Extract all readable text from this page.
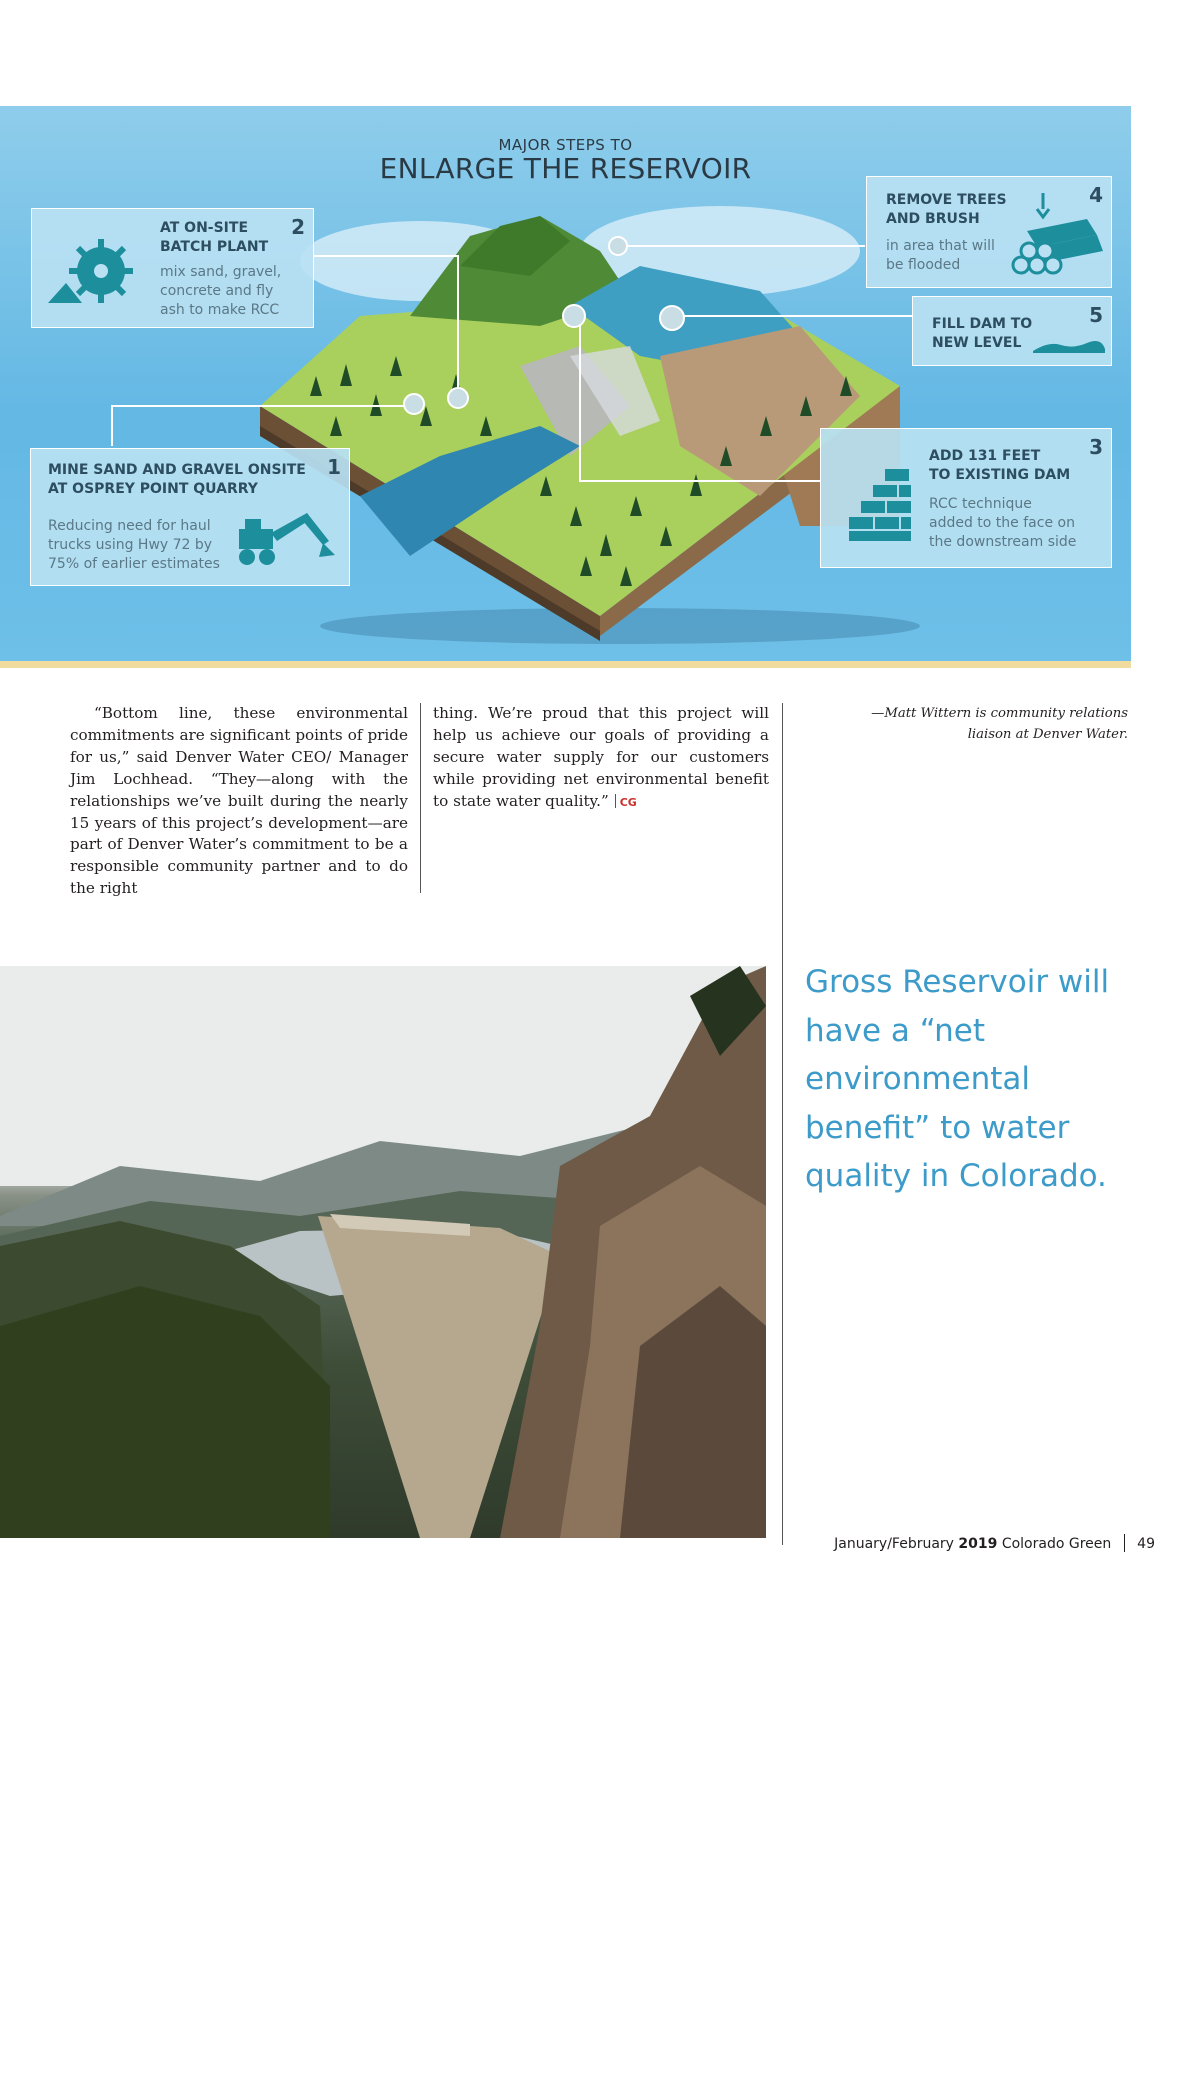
MAJOR STEPS TO
ENLARGE THE RESERVOIR
1
MINE SAND AND GRAVEL ONSITE
AT OSPREY POINT QUARRY
Reducing need for haul
trucks using Hwy 72 by
75% of earlier estimates
2
AT ON-SITE
BATCH PLANT
mix sand, gravel,
concrete and fly
ash to make RCC
3
ADD 131 FEET
TO EXISTING DAM
RCC technique
added to the face on
the downstream side
4
REMOVE TREES
AND BRUSH
in area that will
be flooded
5
FILL DAM TO
NEW LEVEL

“Bottom line, these environmental commitments are significant points of pride for us,” said Denver Water CEO/ Manager Jim Lochhead. “They—along with the relationships we’ve built during the nearly 15 years of this project’s development—are part of Denver Water’s commitment to be a responsible community partner and to do the right

thing. We’re proud that this project will help us achieve our goals of providing a secure water supply for our customers while providing net environmental benefit to state water quality.” CG

—Matt Wittern is community relations liaison at Denver Water.
Existing dam will be raised 131 feet.
Gross Reservoir will have a “net environmental benefit” to water quality in Colorado.
January/February 2019 Colorado Green 49
